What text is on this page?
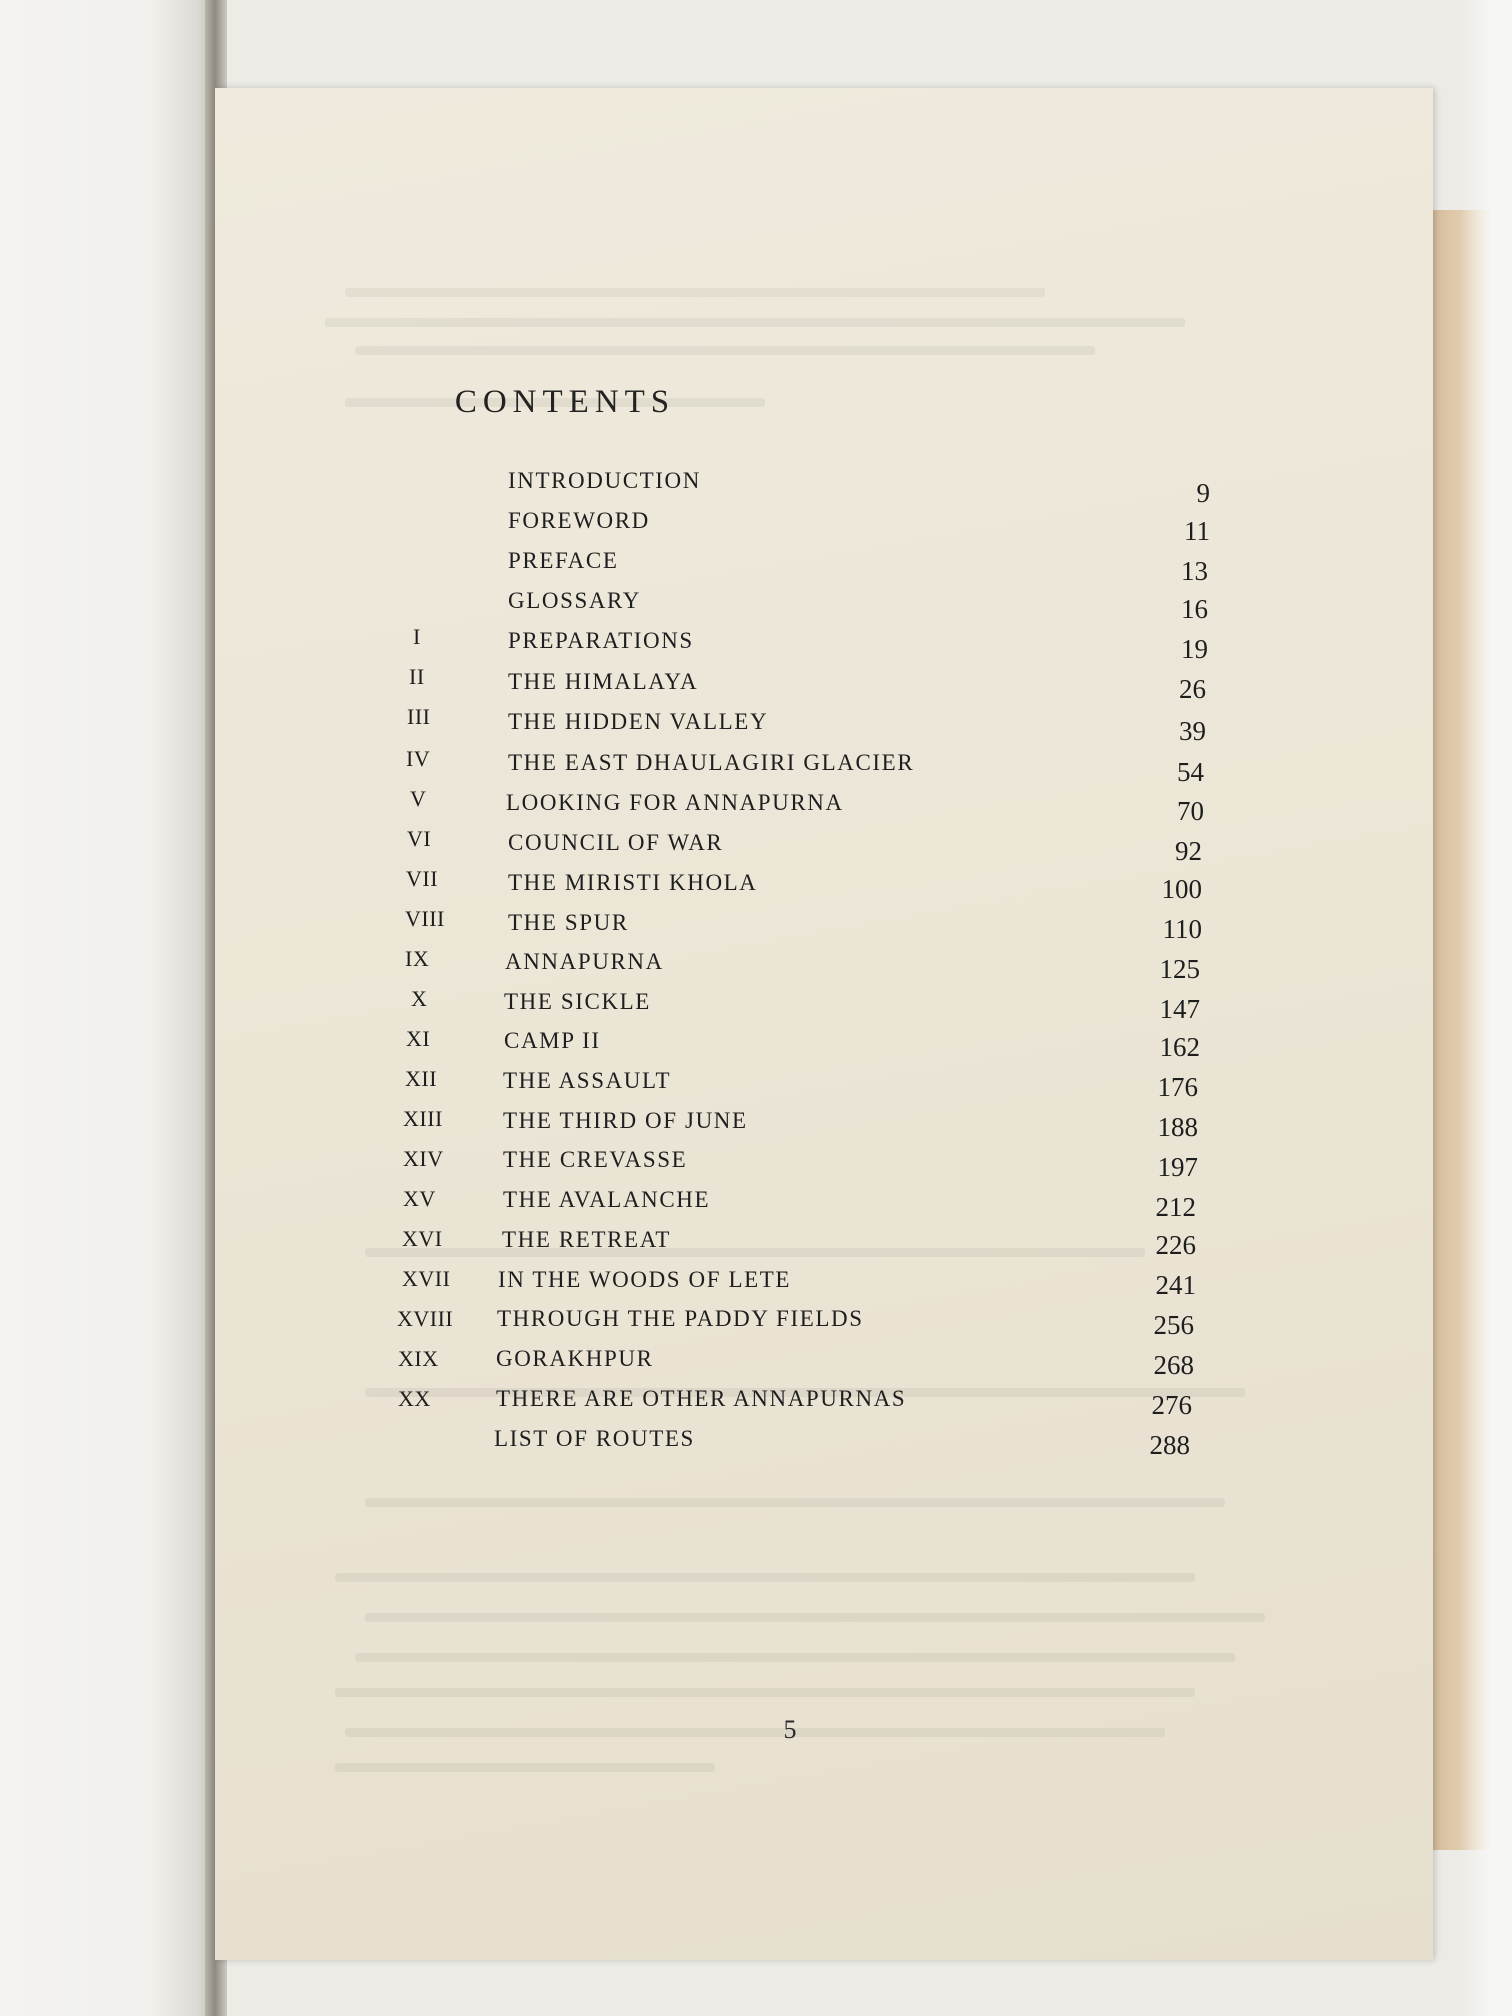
CONTENTS
INTRODUCTION	9
FOREWORD	11
PREFACE	13
GLOSSARY	16
I	PREPARATIONS	19
II	THE HIMALAYA	26
III	THE HIDDEN VALLEY	39
IV	THE EAST DHAULAGIRI GLACIER	54
V	LOOKING FOR ANNAPURNA	70
VI	COUNCIL OF WAR	92
VII	THE MIRISTI KHOLA	100
VIII	THE SPUR	110
IX	ANNAPURNA	125
X	THE SICKLE	147
XI	CAMP II	162
XII	THE ASSAULT	176
XIII	THE THIRD OF JUNE	188
XIV	THE CREVASSE	197
XV	THE AVALANCHE	212
XVI	THE RETREAT	226
XVII IN THE WOODS OF LETE	241
XVIII THROUGH THE PADDY FIELDS	256
XIX GORAKHPUR	268
XX	THERE ARE OTHER ANNAPURNAS	276
LIST OF ROUTES	288
5
